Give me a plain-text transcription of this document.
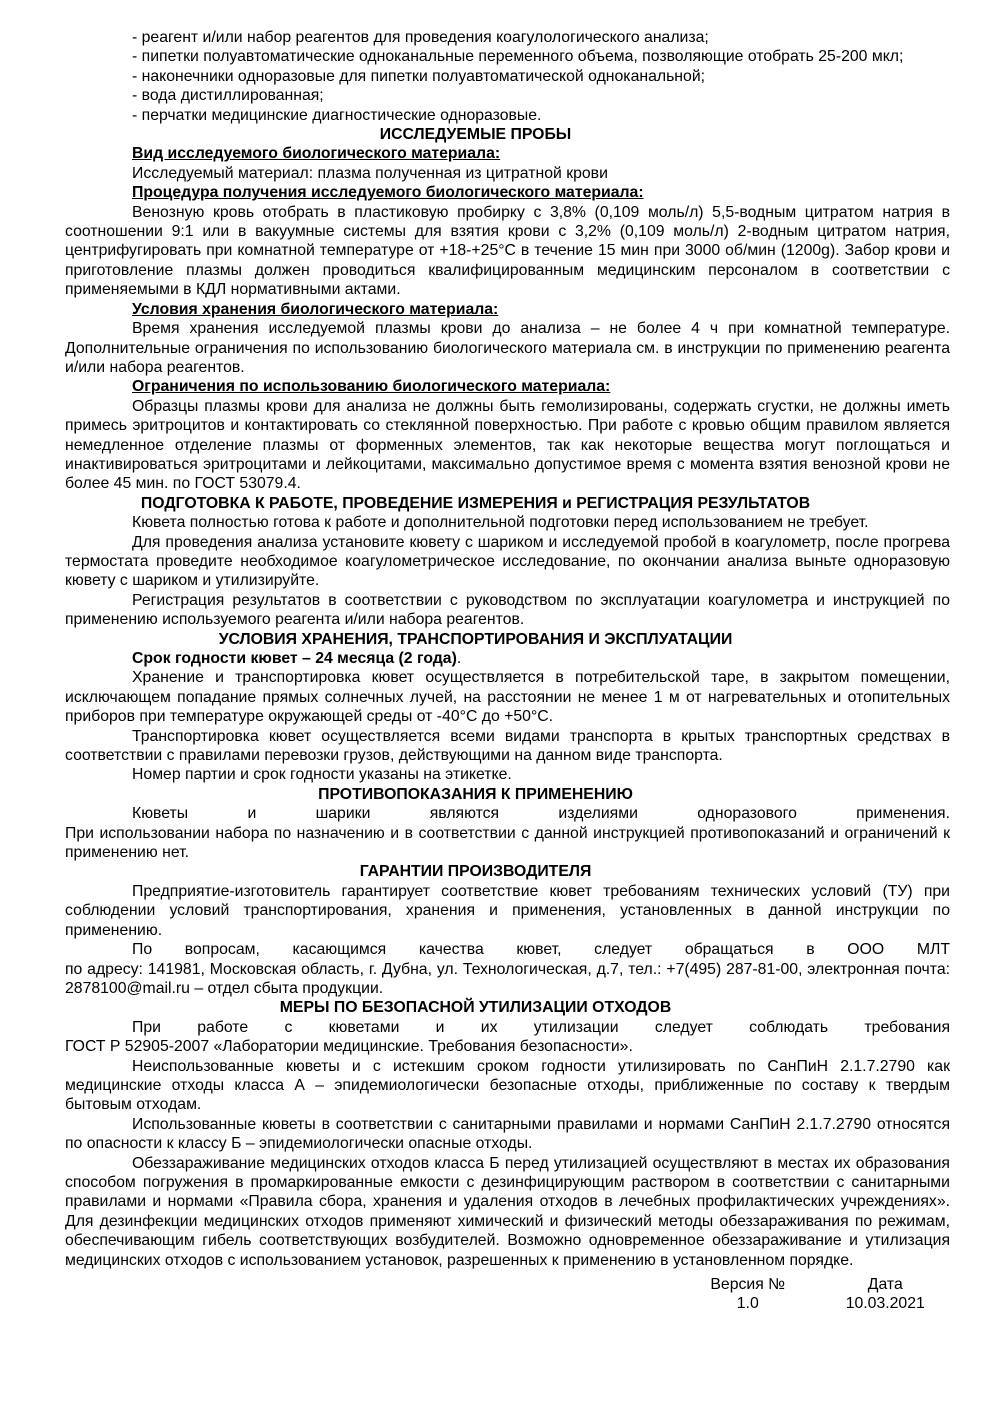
- реагент и/или набор реагентов для проведения коагулологического анализа;
- пипетки полуавтоматические одноканальные переменного объема, позволяющие отобрать 25-200 мкл;
- наконечники одноразовые для пипетки полуавтоматической одноканальной;
- вода дистиллированная;
- перчатки медицинские диагностические одноразовые.
ИССЛЕДУЕМЫЕ ПРОБЫ
Вид исследуемого биологического материала:
Исследуемый материал: плазма полученная из цитратной крови
Процедура получения исследуемого биологического материала:

Венозную кровь отобрать в пластиковую пробирку с 3,8% (0,109 моль/л) 5,5-водным цитратом натрия в соотношении 9:1 или в вакуумные системы для взятия крови с 3,2% (0,109 моль/л) 2-водным цитратом натрия, центрифугировать при комнатной температуре от +18-+25°С в течение 15 мин при 3000 об/мин (1200g). Забор крови и приготовление плазмы должен проводиться квалифицированным медицинским персоналом в соответствии с применяемыми в КДЛ нормативными актами.

Условия хранения биологического материала:

Время хранения исследуемой плазмы крови до анализа – не более 4 ч при комнатной температуре. Дополнительные ограничения по использованию биологического материала см. в инструкции по применению реагента и/или набора реагентов.

Ограничения по использованию биологического материала:

Образцы плазмы крови для анализа не должны быть гемолизированы, содержать сгустки, не должны иметь примесь эритроцитов и контактировать со стеклянной поверхностью. При работе с кровью общим правилом является немедленное отделение плазмы от форменных элементов, так как некоторые вещества могут поглощаться и инактивироваться эритроцитами и лейкоцитами, максимально допустимое время с момента взятия венозной крови не более 45 мин. по ГОСТ 53079.4.

ПОДГОТОВКА К РАБОТЕ, ПРОВЕДЕНИЕ ИЗМЕРЕНИЯ и РЕГИСТРАЦИЯ РЕЗУЛЬТАТОВ
Кювета полностью готова к работе и дополнительной подготовки перед использованием не требует.

Для проведения анализа установите кювету с шариком и исследуемой пробой в коагулометр, после прогрева термостата проведите необходимое коагулометрическое исследование, по окончании анализа выньте одноразовую кювету с шариком и утилизируйте.

Регистрация результатов в соответствии с руководством по эксплуатации коагулометра и инструкцией по применению используемого реагента и/или набора реагентов.

УСЛОВИЯ ХРАНЕНИЯ, ТРАНСПОРТИРОВАНИЯ И ЭКСПЛУАТАЦИИ
Срок годности кювет – 24 месяца (2 года).

Хранение и транспортировка кювет осуществляется в потребительской таре, в закрытом помещении, исключающем попадание прямых солнечных лучей, на расстоянии не менее 1 м от нагревательных и отопительных приборов при температуре окружающей среды от -40°С до +50°С.

Транспортировка кювет осуществляется всеми видами транспорта в крытых транспортных средствах в соответствии с правилами перевозки грузов, действующими на данном виде транспорта.

Номер партии и срок годности указаны на этикетке.
ПРОТИВОПОКАЗАНИЯ К ПРИМЕНЕНИЮ

Кюветы и шарики являются изделиями одноразового применения.
При использовании набора по назначению и в соответствии с данной инструкцией противопоказаний и ограничений к применению нет.

ГАРАНТИИ ПРОИЗВОДИТЕЛЯ

Предприятие-изготовитель гарантирует соответствие кювет требованиям технических условий (ТУ) при соблюдении условий транспортирования, хранения и применения, установленных в данной инструкции по применению.

По вопросам, касающимся качества кювет, следует обращаться в ООО МЛТ
по адресу: 141981, Московская область, г. Дубна, ул. Технологическая, д.7, тел.: +7(495) 287-81-00, электронная почта: 2878100@mail.ru – отдел сбыта продукции.

МЕРЫ ПО БЕЗОПАСНОЙ УТИЛИЗАЦИИ ОТХОДОВ

При работе с кюветами и их утилизации следует соблюдать требования
ГОСТ Р 52905-2007 «Лаборатории медицинские. Требования безопасности».

Неиспользованные кюветы и с истекшим сроком годности утилизировать по СанПиН 2.1.7.2790 как медицинские отходы класса А – эпидемиологически безопасные отходы, приближенные по составу к твердым бытовым отходам.

Использованные кюветы в соответствии с санитарными правилами и нормами СанПиН 2.1.7.2790 относятся по опасности к классу Б – эпидемиологически опасные отходы.

Обеззараживание медицинских отходов класса Б перед утилизацией осуществляют в местах их образования способом погружения в промаркированные емкости с дезинфицирующим раствором в соответствии с санитарными правилами и нормами «Правила сбора, хранения и удаления отходов в лечебных профилактических учреждениях». Для дезинфекции медицинских отходов применяют химический и физический методы обеззараживания по режимам, обеспечивающим гибель соответствующих возбудителей. Возможно одновременное обеззараживание и утилизация медицинских отходов с использованием установок, разрешенных к применению в установленном порядке.

Версия №
1.0
Дата
10.03.2021
